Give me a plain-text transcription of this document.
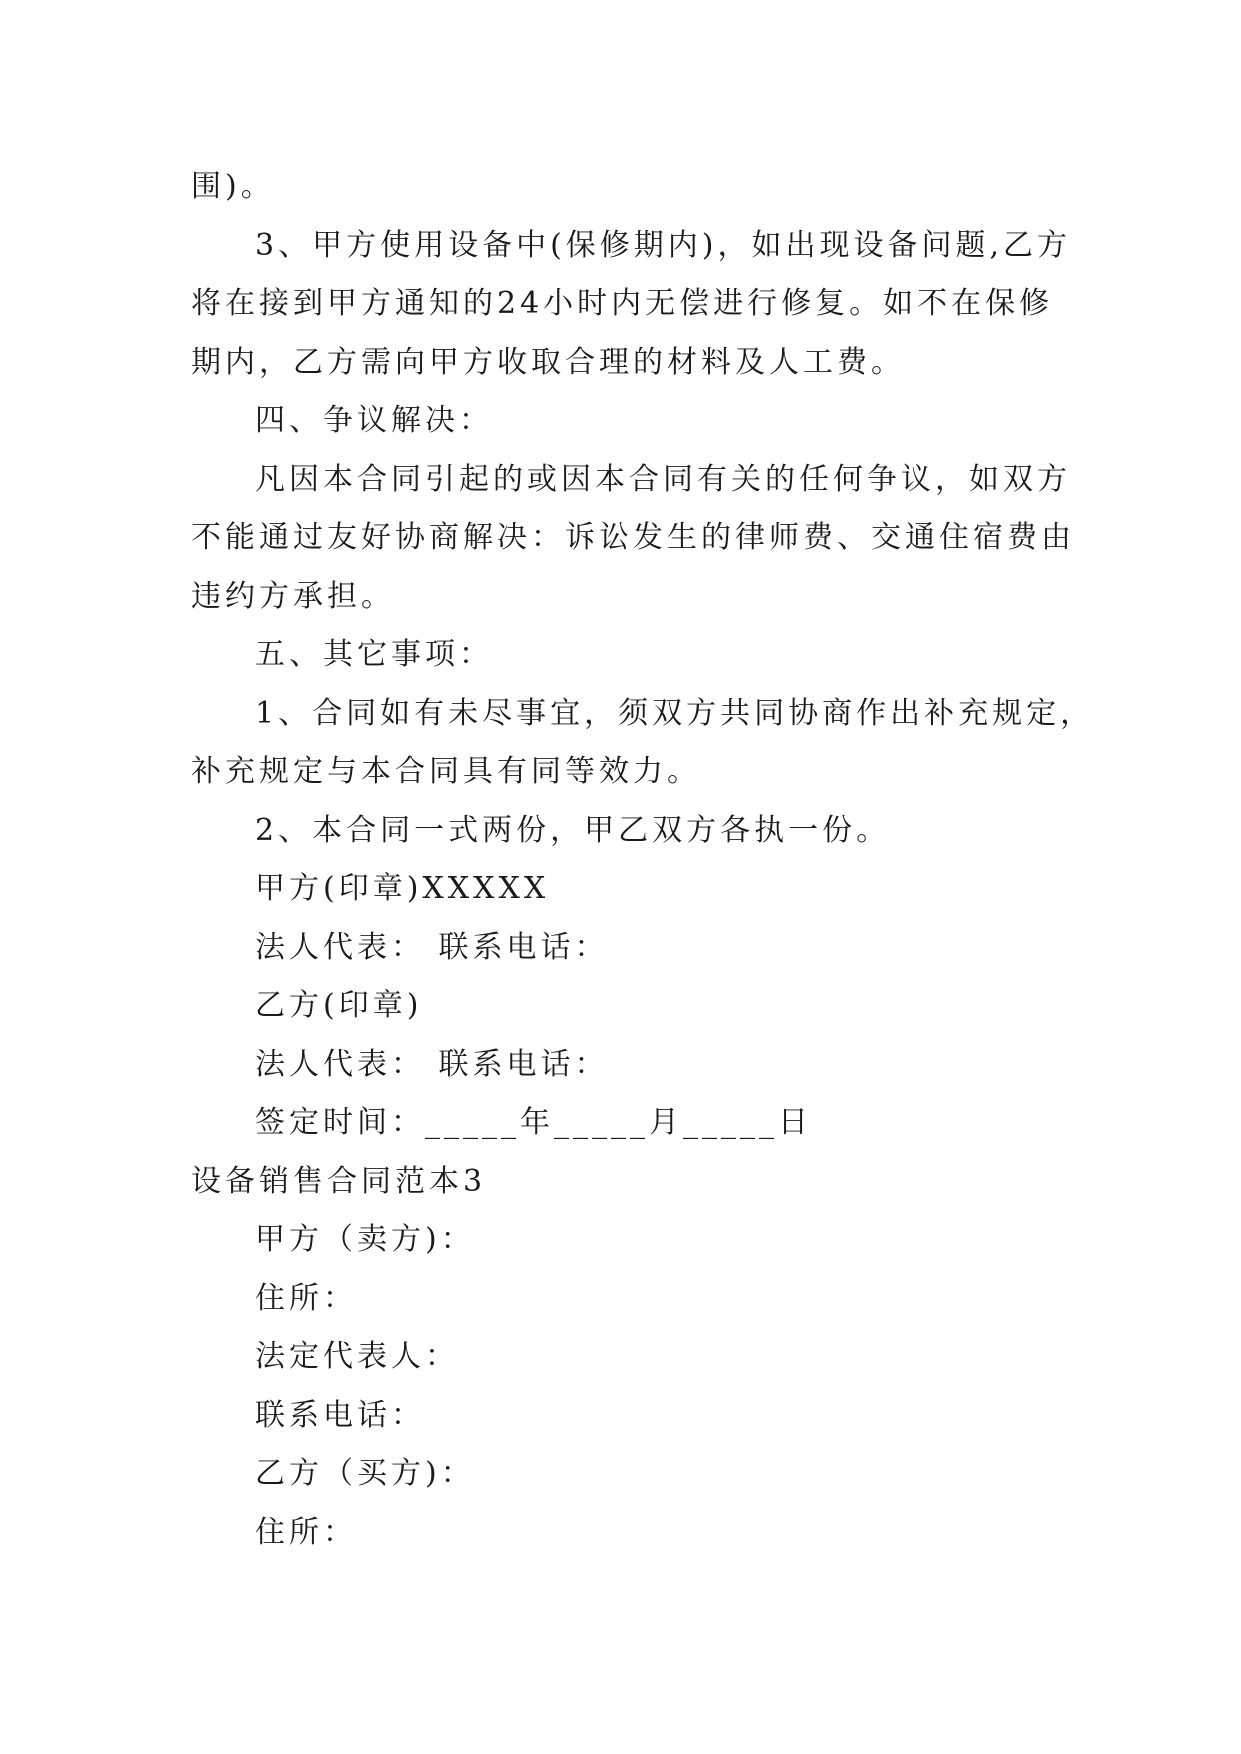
围)。
3、甲方使用设备中(保修期内)，如出现设备问题,乙方
将在接到甲方通知的24小时内无偿进行修复。如不在保修
期内，乙方需向甲方收取合理的材料及人工费。
四、争议解决：
凡因本合同引起的或因本合同有关的任何争议，如双方
不能通过友好协商解决：诉讼发生的律师费、交通住宿费由
违约方承担。
五、其它事项：
1、合同如有未尽事宜，须双方共同协商作出补充规定，
补充规定与本合同具有同等效力。
2、本合同一式两份，甲乙双方各执一份。
甲方(印章)XXXXX
法人代表： 联系电话：
乙方(印章)
法人代表： 联系电话：
签定时间：_____年_____月_____日
设备销售合同范本3
甲方（卖方)：
住所：
法定代表人：
联系电话：
乙方（买方)：
住所：
